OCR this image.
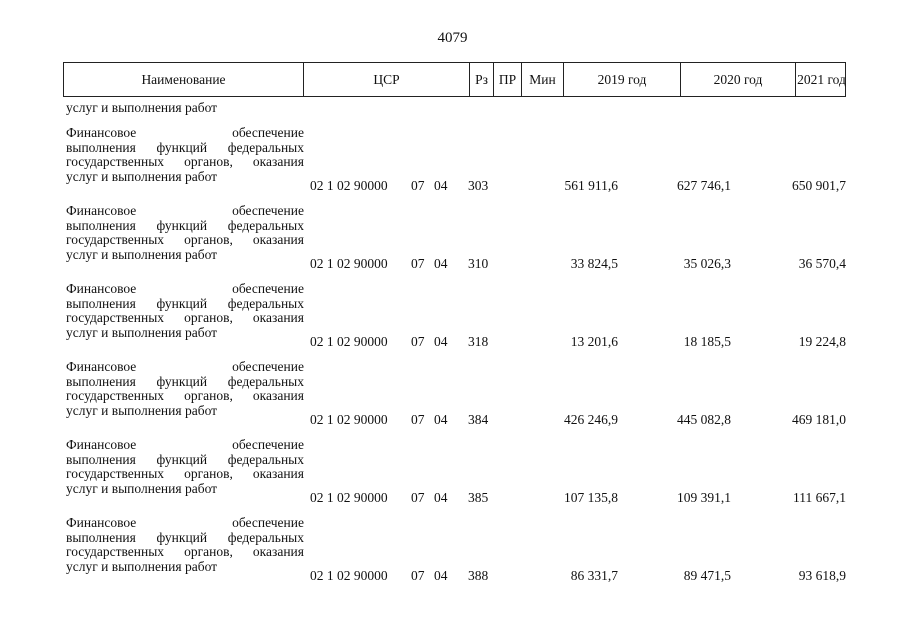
4079
Наименование	ЦСР	Рз ПР Мин	2019 год	2020 год	2021 год
услуг и выполнения работ
Финансовое обеспечение
выполнения функций федеральных
государственных органов, оказания
услуг и выполнения работ
02 1 02 90000 07 04 303	561 911,6	627 746,1	650 901,7
Финансовое обеспечение
выполнения функций федеральных
государственных органов, оказания
услуг и выполнения работ
02 1 02 90000 07 04 310	33 824,5	35 026,3	36 570,4
Финансовое обеспечение
выполнения функций федеральных
государственных органов, оказания
услуг и выполнения работ
02 1 02 90000 07 04 318	13 201,6	18 185,5	19 224,8
Финансовое обеспечение
выполнения функций федеральных
государственных органов, оказания
услуг и выполнения работ
02 1 02 90000 07 04 384	426 246,9	445 082,8	469 181,0
Финансовое обеспечение
выполнения функций федеральных
государственных органов, оказания
услуг и выполнения работ
02 1 02 90000 07 04 385	107 135,8	109 391,1	111 667,1
Финансовое обеспечение
выполнения функций федеральных
государственных органов, оказания
услуг и выполнения работ
02 1 02 90000 07 04 388	86 331,7	89 471,5	93 618,9
